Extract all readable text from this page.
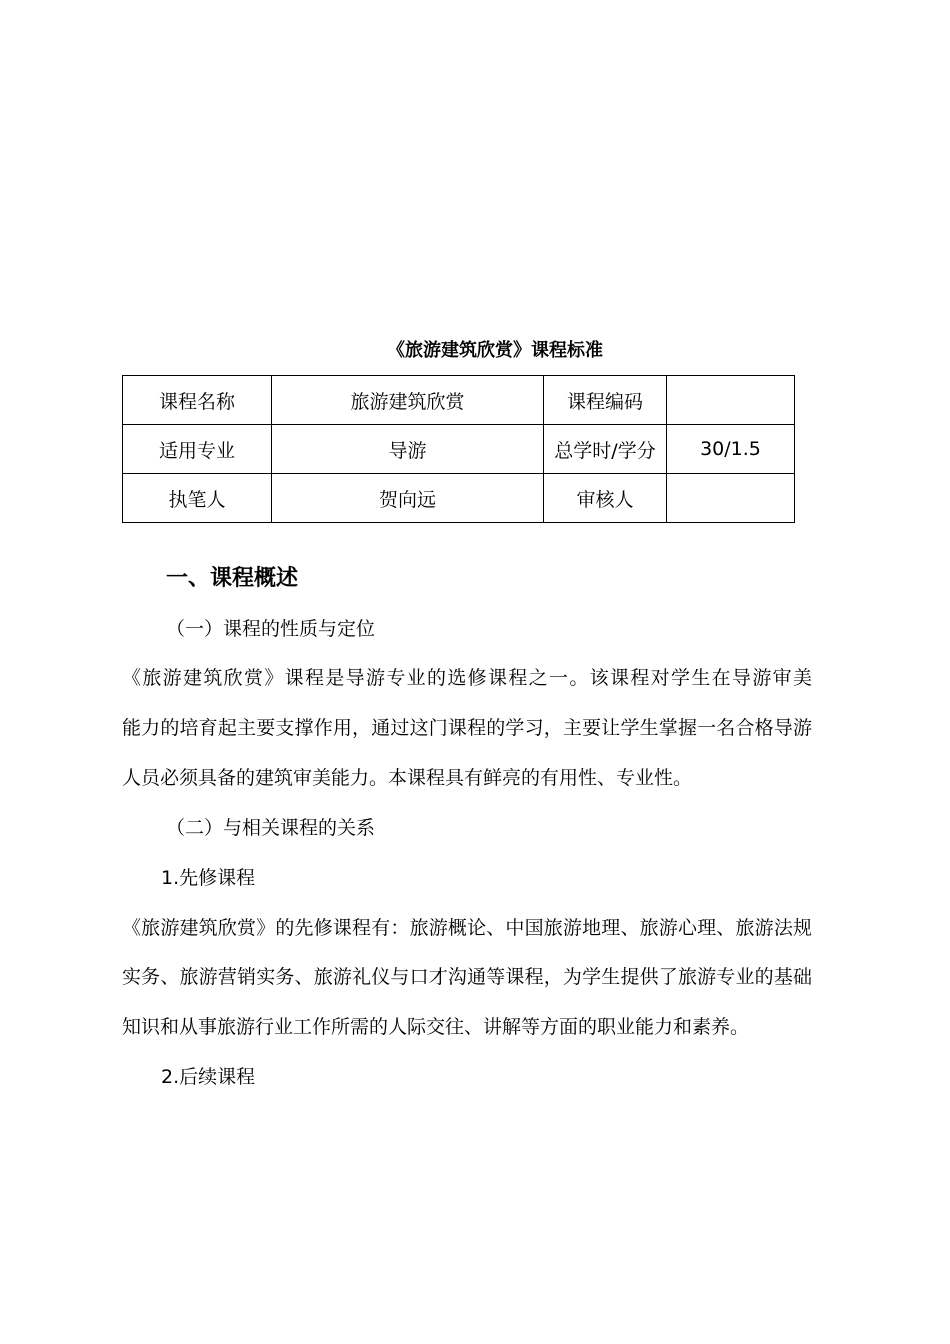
《旅游建筑欣赏》课程标准
课程名称	旅游建筑欣赏	课程编码	
适用专业	导游	总学时/学分	30/1.5
执笔人	贺向远	审核人	
一、课程概述

（一）课程的性质与定位

《旅游建筑欣赏》课程是导游专业的选修课程之一。该课程对学生在导游审美

能力的培育起主要支撑作用，通过这门课程的学习，主要让学生掌握一名合格导游

人员必须具备的建筑审美能力。本课程具有鲜亮的有用性、专业性。

（二）与相关课程的关系

1.先修课程

《旅游建筑欣赏》的先修课程有：旅游概论、中国旅游地理、旅游心理、旅游法规

实务、旅游营销实务、旅游礼仪与口才沟通等课程，为学生提供了旅游专业的基础

知识和从事旅游行业工作所需的人际交往、讲解等方面的职业能力和素养。

2.后续课程
